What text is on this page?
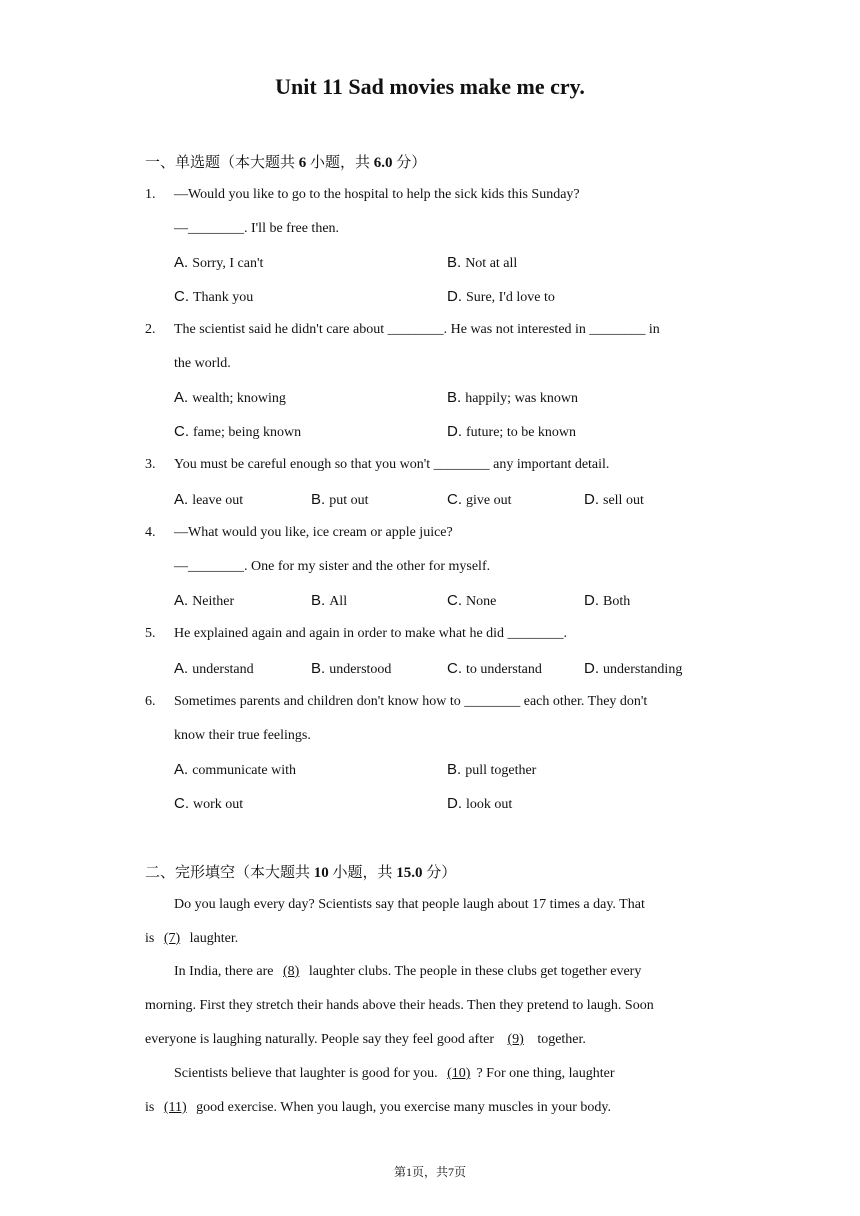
Unit 11 Sad movies make me cry.
一、单选题（本大题共 6 小题，共 6.0 分）
1. —Would you like to go to the hospital to help the sick kids this Sunday?
—________. I'll be free then.
A. Sorry, I can't	B. Not at all
C. Thank you	D. Sure, I'd love to
2. The scientist said he didn't care about ________. He was not interested in ________ in
the world.
A. wealth; knowing	B. happily; was known
C. fame; being known	D. future; to be known
3. You must be careful enough so that you won't ________ any important detail.
A. leave out	B. put out	C. give out	D. sell out
4. —What would you like, ice cream or apple juice?
—________. One for my sister and the other for myself.
A. Neither	B. All	C. None	D. Both
5. He explained again and again in order to make what he did ________.
A. understand	B. understood	C. to understand	D. understanding
6. Sometimes parents and children don't know how to ________ each other. They don't
know their true feelings.
A. communicate with	B. pull together
C. work out	D. look out
二、完形填空（本大题共 10 小题，共 15.0 分）
Do you laugh every day? Scientists say that people laugh about 17 times a day. That
is (7) laughter.
In India, there are (8) laughter clubs. The people in these clubs get together every
morning. First they stretch their hands above their heads. Then they pretend to laugh. Soon
everyone is laughing naturally. People say they feel good after (9) together.
Scientists believe that laughter is good for you. (10) ? For one thing, laughter
is (11) good exercise. When you laugh, you exercise many muscles in your body.
第1页，共7页
